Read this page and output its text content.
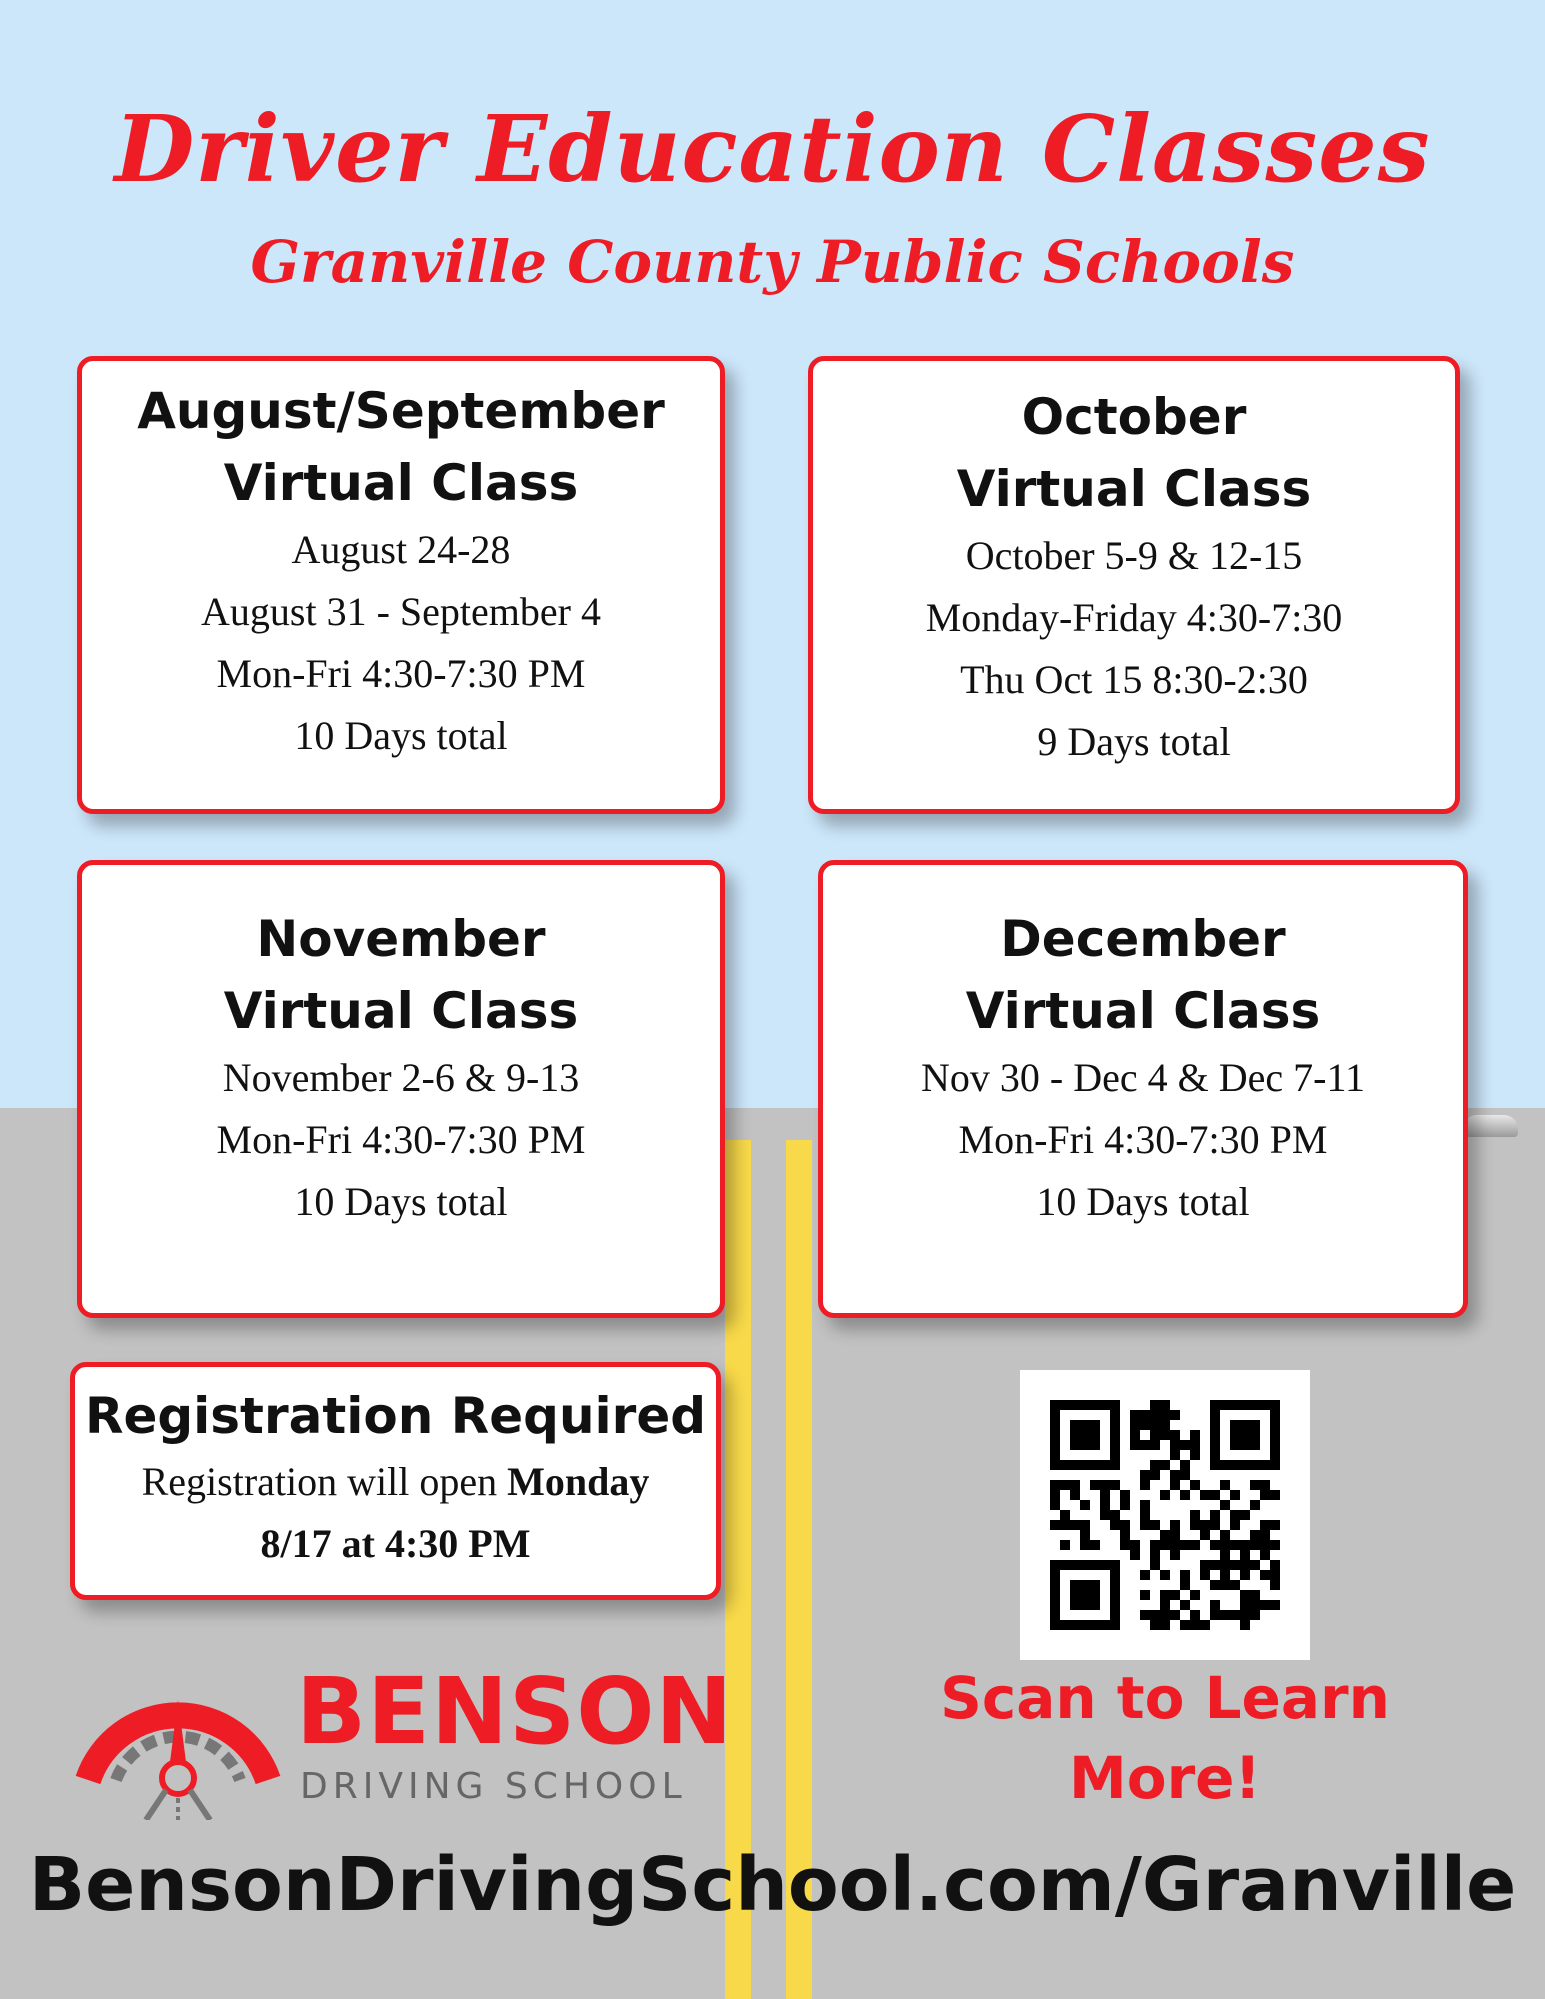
Driver Education Classes
Granville County Public Schools
August/September
Virtual Class
August 24-28
August 31 - September 4
Mon-Fri 4:30-7:30 PM
10 Days total
October
Virtual Class
October 5-9 & 12-15
Monday-Friday 4:30-7:30
Thu Oct 15 8:30-2:30
9 Days total
November
Virtual Class
November 2-6 & 9-13
Mon-Fri 4:30-7:30 PM
10 Days total
December
Virtual Class
Nov 30 - Dec 4 & Dec 7-11
Mon-Fri 4:30-7:30 PM
10 Days total
Registration Required
Registration will open Monday
8/17 at 4:30 PM
Scan to Learn
More!
BENSON
DRIVING SCHOOL
BensonDrivingSchool.com/Granville
